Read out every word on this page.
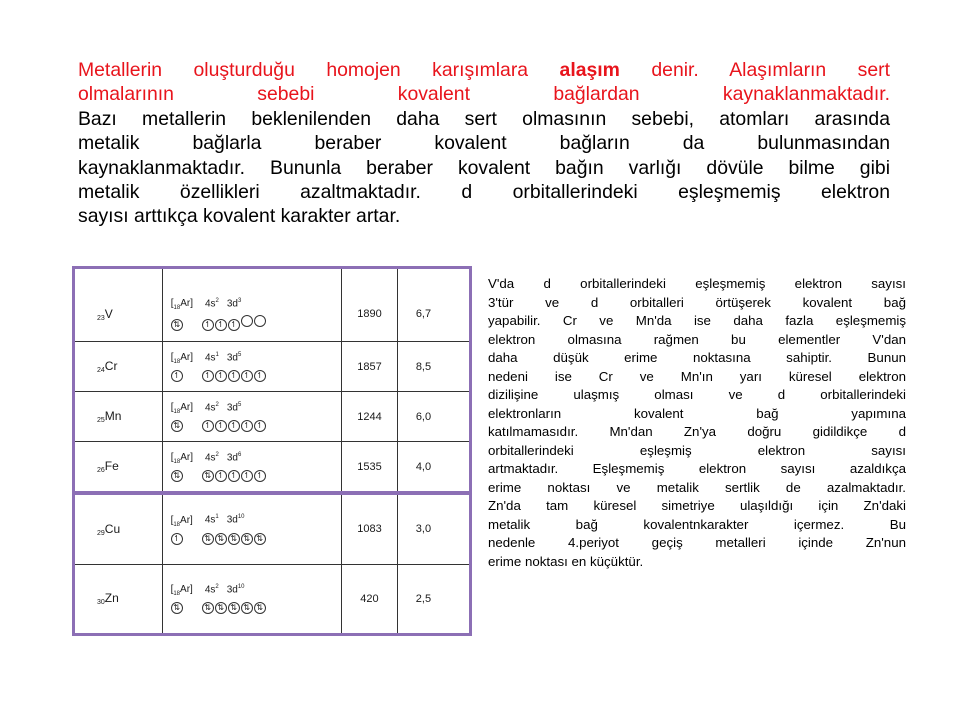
Metallerin oluşturduğu homojen karışımlara alaşım denir. Alaşımların sert
olmalarının sebebi kovalent bağlardan kaynaklanmaktadır.
Bazı metallerin beklenilenden daha sert olmasının sebebi, atomları arasında
metalik bağlarla beraber kovalent bağların da bulunmasından
kaynaklanmaktadır. Bununla beraber kovalent bağın varlığı dövüle bilme gibi
metalik özellikleri azaltmaktadır. d orbitallerindeki eşleşmemiş elektron
sayısı arttıkça kovalent karakter artar.

$_{23}$V	$[_{18}Ar]$ $4s^2$ $3d^3$
⇅ ↿ ↿ ↿	1890	6,7
$_{24}$Cr	$[_{18}Ar]$ $4s^1$ $3d^5$
↿ ↿ ↿ ↿ ↿ ↿	1857	8,5
$_{25}$Mn	$[_{18}Ar]$ $4s^2$ $3d^5$
⇅ ↿ ↿ ↿ ↿ ↿	1244	6,0
$_{26}$Fe	$[_{18}Ar]$ $4s^2$ $3d^6$
⇅ ⇅ ↿ ↿ ↿ ↿	1535	4,0
$_{29}$Cu	$[_{18}Ar]$ $4s^1$ $3d^{10}$
↿ ⇅ ⇅ ⇅ ⇅ ⇅	1083	3,0
$_{30}$Zn	$[_{18}Ar]$ $4s^2$ $3d^{10}$
⇅ ⇅ ⇅ ⇅ ⇅ ⇅	420	2,5
V'da d orbitallerindeki eşleşmemiş elektron sayısı
3'tür ve d orbitalleri örtüşerek kovalent bağ
yapabilir. Cr ve Mn'da ise daha fazla eşleşmemiş
elektron olmasına rağmen bu elementler V'dan
daha düşük erime noktasına sahiptir. Bunun
nedeni ise Cr ve Mn'ın yarı küresel elektron
dizilişine ulaşmış olması ve d orbitallerindeki
elektronların kovalent bağ yapımına
katılmamasıdır. Mn'dan Zn'ya doğru gidildikçe d
orbitallerindeki eşleşmiş elektron sayısı
artmaktadır. Eşleşmemiş elektron sayısı azaldıkça
erime noktası ve metalik sertlik de azalmaktadır.
Zn'da tam küresel simetriye ulaşıldığı için Zn'daki
metalik bağ kovalentnkarakter içermez. Bu
nedenle 4.periyot geçiş metalleri içinde Zn'nun
erime noktası en küçüktür.
